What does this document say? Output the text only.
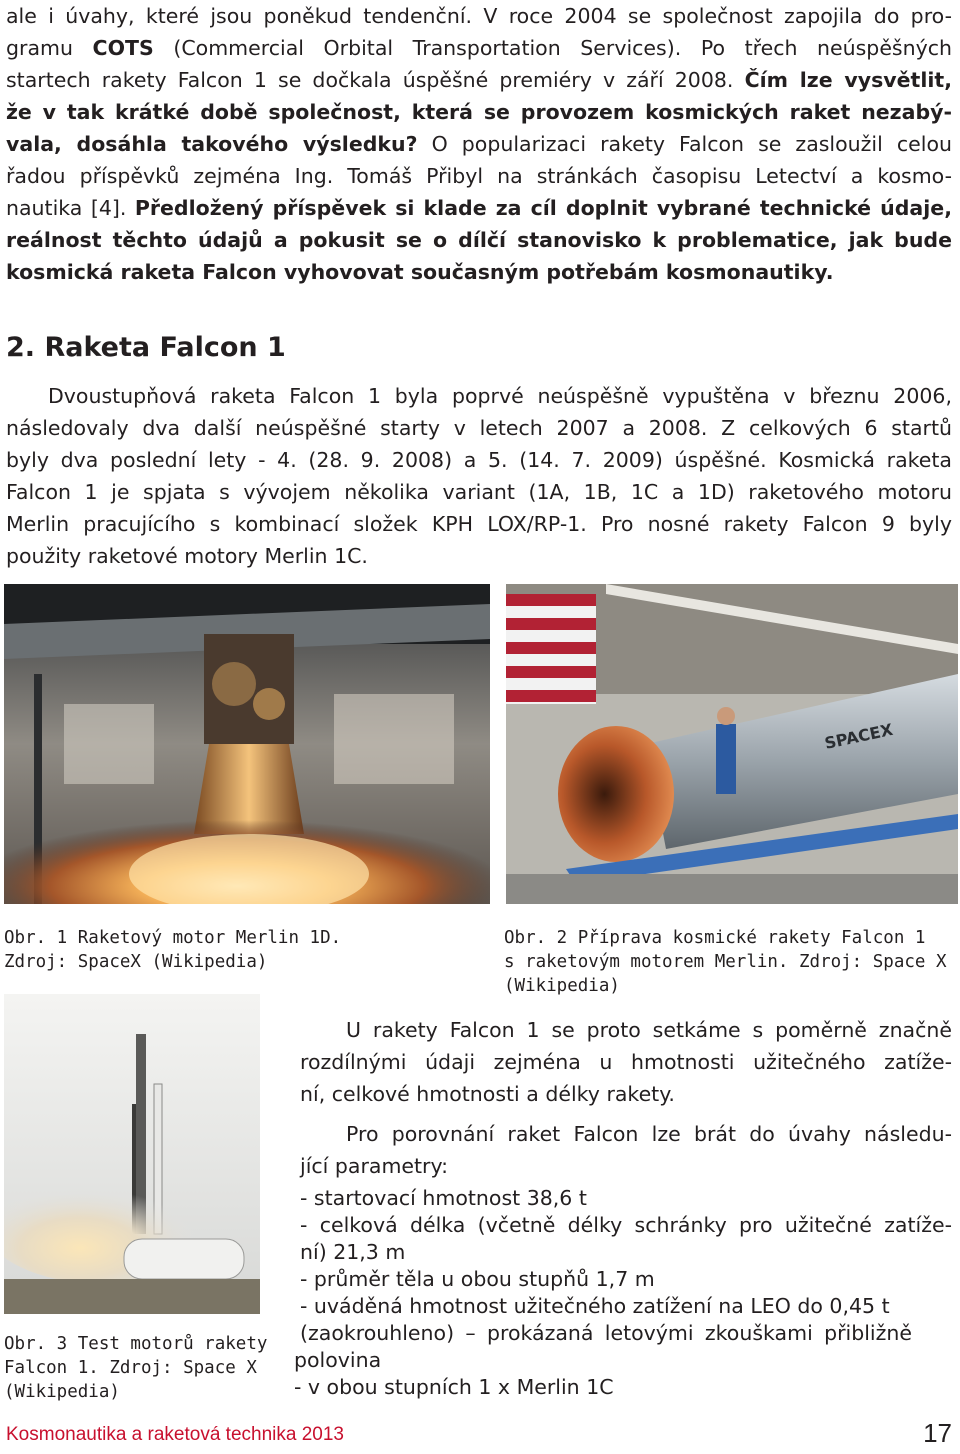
ale i úvahy, které jsou poněkud tendenční. V roce 2004 se společnost zapojila do pro-
gramu COTS (Commercial Orbital Transportation Services). Po třech neúspěšných
startech rakety Falcon 1 se dočkala úspěšné premiéry v září 2008. Čím lze vysvětlit,
že v tak krátké době společnost, která se provozem kosmických raket nezabý-
vala, dosáhla takového výsledku? O popularizaci rakety Falcon se zasloužil celou
řadou příspěvků zejména Ing. Tomáš Přibyl na stránkách časopisu Letectví a kosmo-
nautika [4]. Předložený příspěvek si klade za cíl doplnit vybrané technické údaje,
reálnost těchto údajů a pokusit se o dílčí stanovisko k problematice, jak bude
kosmická raketa Falcon vyhovovat současným potřebám kosmonautiky.
2. Raketa Falcon 1
Dvoustupňová raketa Falcon 1 byla poprvé neúspěšně vypuštěna v březnu 2006,
následovaly dva další neúspěšné starty v letech 2007 a 2008. Z celkových 6 startů
byly dva poslední lety - 4. (28. 9. 2008) a 5. (14. 7. 2009) úspěšné. Kosmická raketa
Falcon 1 je spjata s vývojem několika variant (1A, 1B, 1C a 1D) raketového motoru
Merlin pracujícího s kombinací složek KPH LOX/RP-1. Pro nosné rakety Falcon 9 byly
použity raketové motory Merlin 1C.
SPACEX
Obr. 1 Raketový motor Merlin 1D.
Zdroj: SpaceX (Wikipedia)
Obr. 2 Příprava kosmické rakety Falcon 1
s raketovým motorem Merlin. Zdroj: Space X
(Wikipedia)
Obr. 3 Test motorů rakety
Falcon 1. Zdroj: Space X
(Wikipedia)
U rakety Falcon 1 se proto setkáme s poměrně značně
rozdílnými údaji zejména u hmotnosti užitečného zatíže-
ní, celkové hmotnosti a délky rakety.
Pro porovnání raket Falcon lze brát do úvahy následu-
jící parametry:
- startovací hmotnost 38,6 t
- celková délka (včetně délky schránky pro užitečné zatíže-
ní) 21,3 m
- průměr těla u obou stupňů 1,7 m
- uváděná hmotnost užitečného zatížení na LEO do 0,45 t
(zaokrouhleno) – prokázaná letovými zkouškami přibližně
polovina
- v obou stupních 1 x Merlin 1C
Kosmonautika a raketová technika 2013	17
